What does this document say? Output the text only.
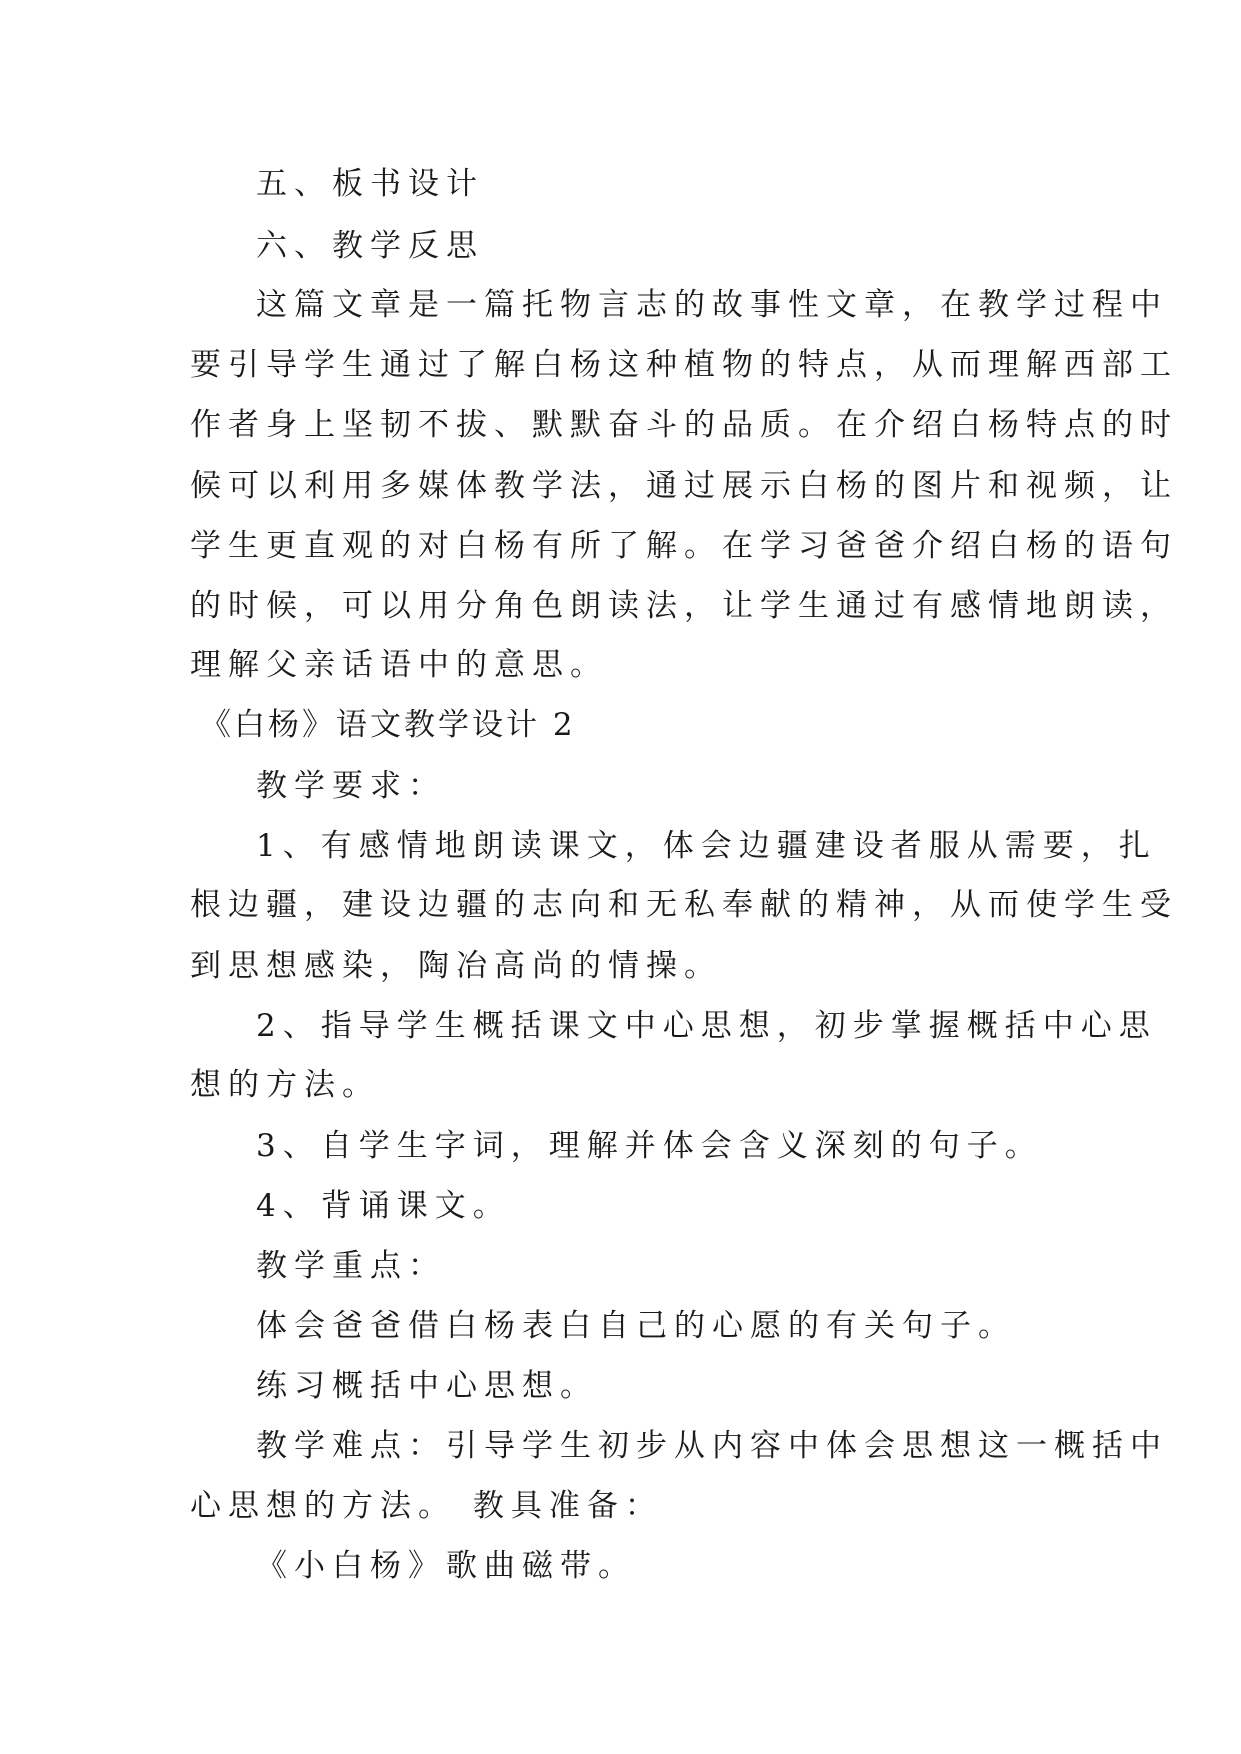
五、板书设计
六、教学反思
这篇文章是一篇托物言志的故事性文章，在教学过程中
要引导学生通过了解白杨这种植物的特点，从而理解西部工
作者身上坚韧不拔、默默奋斗的品质。在介绍白杨特点的时
候可以利用多媒体教学法，通过展示白杨的图片和视频，让
学生更直观的对白杨有所了解。在学习爸爸介绍白杨的语句
的时候，可以用分角色朗读法，让学生通过有感情地朗读，
理解父亲话语中的意思。
《白杨》语文教学设计 2
教学要求：
1、有感情地朗读课文，体会边疆建设者服从需要，扎
根边疆，建设边疆的志向和无私奉献的精神，从而使学生受
到思想感染，陶冶高尚的情操。
2、指导学生概括课文中心思想，初步掌握概括中心思
想的方法。
3、自学生字词，理解并体会含义深刻的句子。
4、背诵课文。
教学重点：
体会爸爸借白杨表白自己的心愿的有关句子。
练习概括中心思想。
教学难点：引导学生初步从内容中体会思想这一概括中
心思想的方法。 教具准备：
《小白杨》歌曲磁带。
